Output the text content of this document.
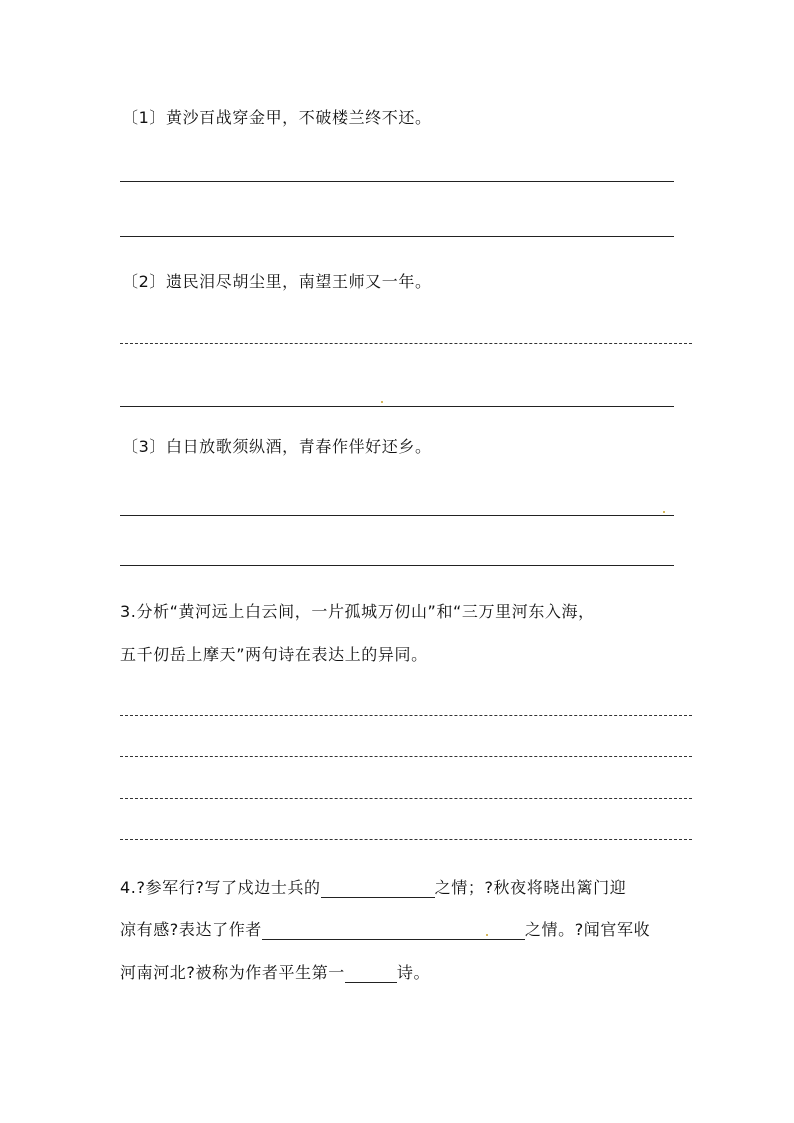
〔1〕黄沙百战穿金甲，不破楼兰终不还。
〔2〕遗民泪尽胡尘里，南望王师又一年。
〔3〕白日放歌须纵酒，青春作伴好还乡。
3.分析“黄河远上白云间，一片孤城万仞山”和“三万里河东入海，
五千仞岳上摩天”两句诗在表达上的异同。
4.?参军行?写了戍边士兵的	之情；?秋夜将晓出篱门迎
凉有感?表达了作者	之情。?闻官军收
河南河北?被称为作者平生第一	诗。
